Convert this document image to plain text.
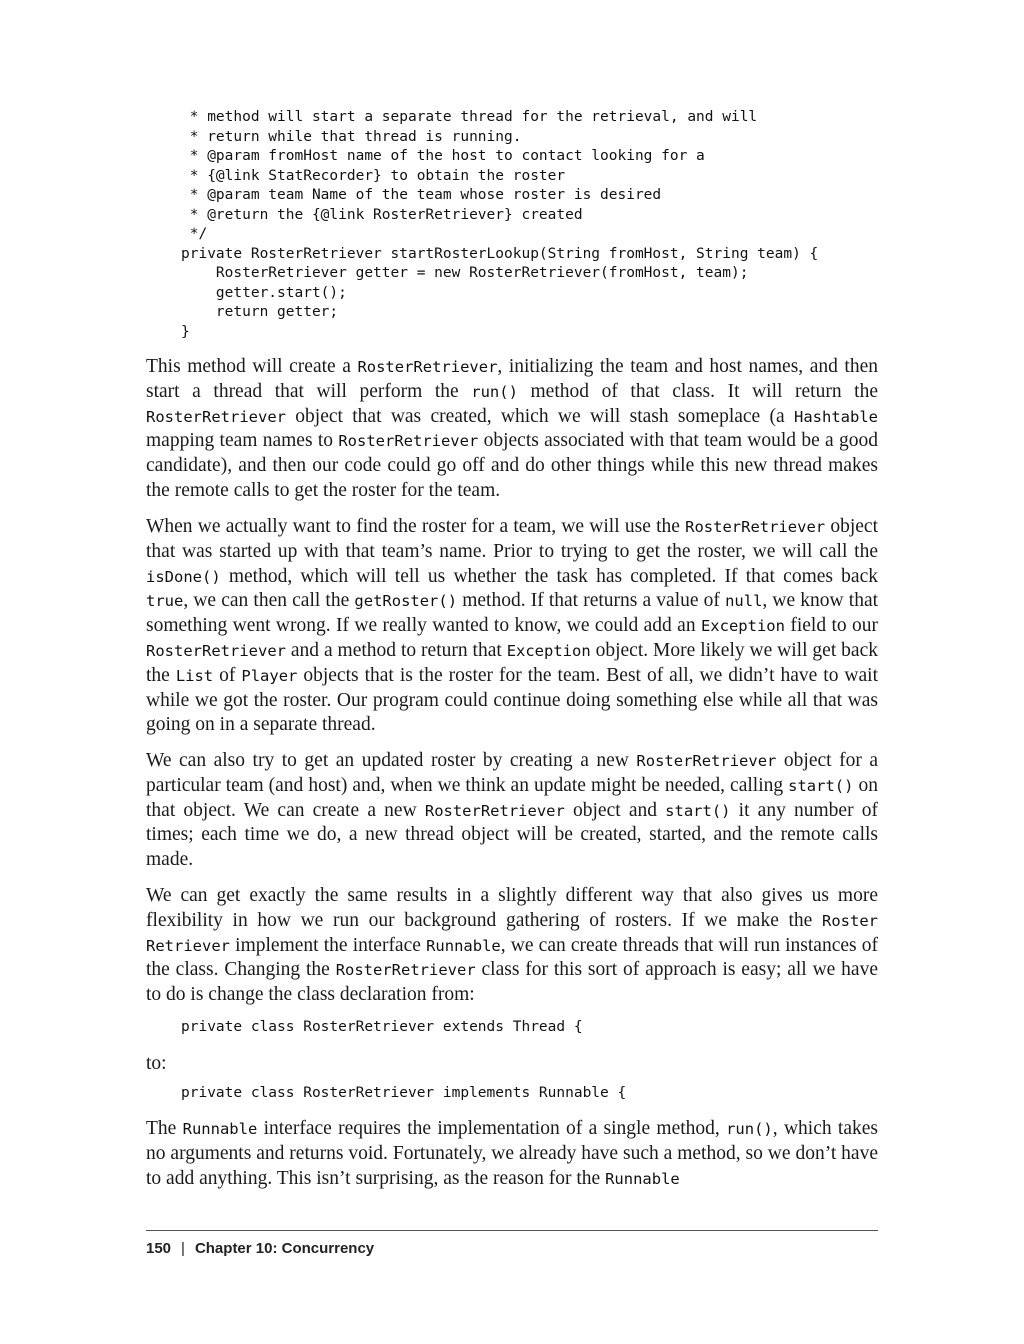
* method will start a separate thread for the retrieval, and will
* return while that thread is running.
* @param fromHost name of the host to contact looking for a
* {@link StatRecorder} to obtain the roster
* @param team Name of the team whose roster is desired
* @return the {@link RosterRetriever} created
*/
private RosterRetriever startRosterLookup(String fromHost, String team) {
RosterRetriever getter = new RosterRetriever(fromHost, team);
getter.start();
return getter;
}

This method will create a RosterRetriever, initializing the team and host names, and then start a thread that will perform the run() method of that class. It will return the RosterRetriever object that was created, which we will stash someplace (a Hashtable mapping team names to RosterRetriever objects associated with that team would be a good candidate), and then our code could go off and do other things while this new thread makes the remote calls to get the roster for the team.

When we actually want to find the roster for a team, we will use the RosterRetriever object that was started up with that team’s name. Prior to trying to get the roster, we will call the isDone() method, which will tell us whether the task has completed. If that comes back true, we can then call the getRoster() method. If that returns a value of null, we know that something went wrong. If we really wanted to know, we could add an Exception field to our RosterRetriever and a method to return that Exception object. More likely we will get back the List of Player objects that is the roster for the team. Best of all, we didn’t have to wait while we got the roster. Our program could continue doing something else while all that was going on in a separate thread.

We can also try to get an updated roster by creating a new RosterRetriever object for a particular team (and host) and, when we think an update might be needed, calling start() on that object. We can create a new RosterRetriever object and start() it any number of times; each time we do, a new thread object will be created, started, and the remote calls made.

We can get exactly the same results in a slightly different way that also gives us more flexibility in how we run our background gathering of rosters. If we make the Roster Retriever implement the interface Runnable, we can create threads that will run instances of the class. Changing the RosterRetriever class for this sort of approach is easy; all we have to do is change the class declaration from:

private class RosterRetriever extends Thread {

to:

private class RosterRetriever implements Runnable {

The Runnable interface requires the implementation of a single method, run(), which takes no arguments and returns void. Fortunately, we already have such a method, so we don’t have to add anything. This isn’t surprising, as the reason for the Runnable

150 | Chapter 10: Concurrency
